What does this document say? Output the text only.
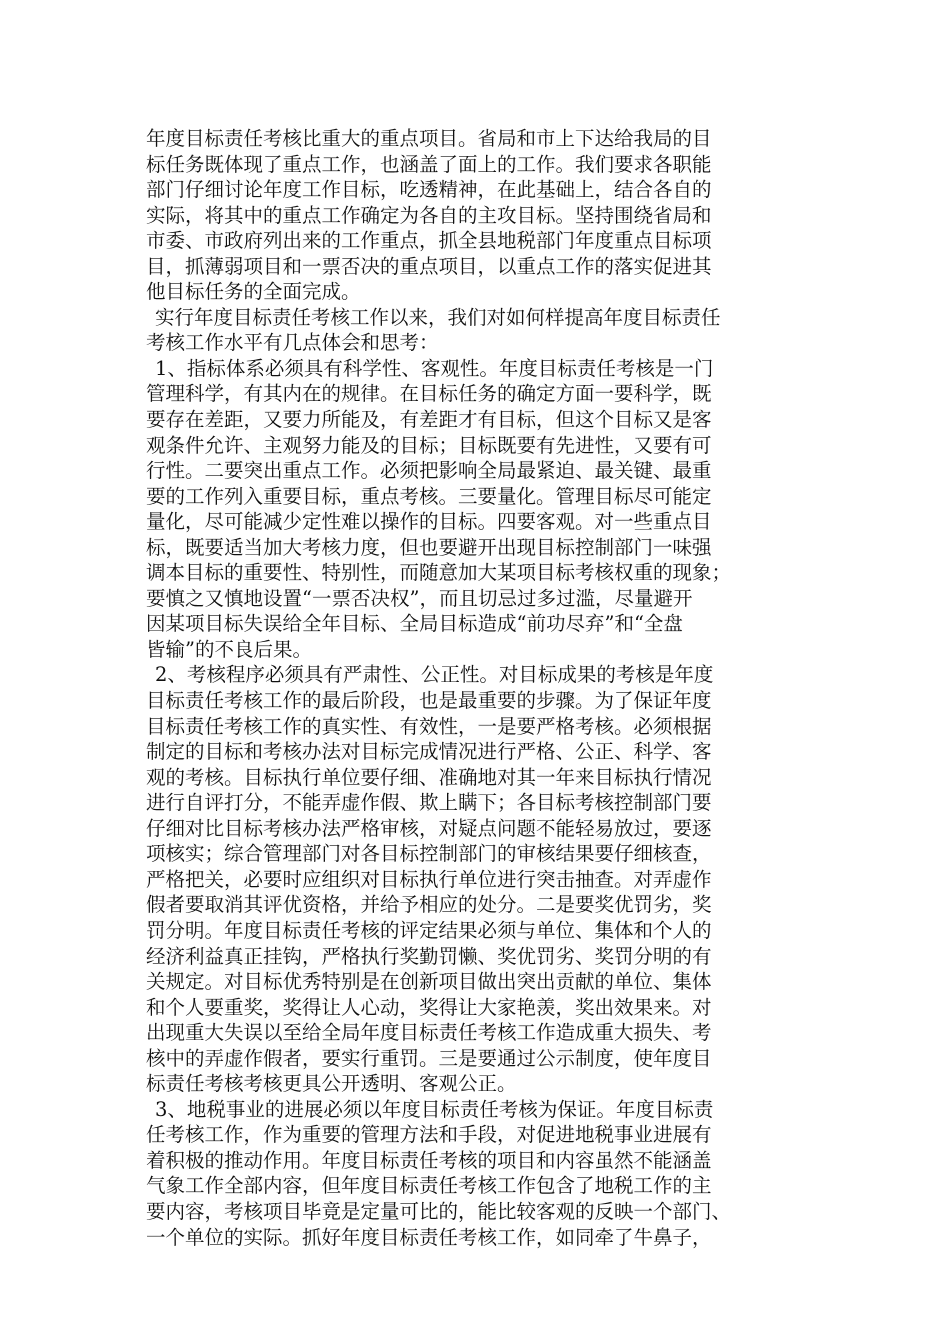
年度目标责任考核比重大的重点项目。省局和市上下达给我局的目
标任务既体现了重点工作，也涵盖了面上的工作。我们要求各职能
部门仔细讨论年度工作目标，吃透精神，在此基础上，结合各自的
实际，将其中的重点工作确定为各自的主攻目标。坚持围绕省局和
市委、市政府列出来的工作重点，抓全县地税部门年度重点目标项
目，抓薄弱项目和一票否决的重点项目，以重点工作的落实促进其
他目标任务的全面完成。
实行年度目标责任考核工作以来，我们对如何样提高年度目标责任
考核工作水平有几点体会和思考：
1、指标体系必须具有科学性、客观性。年度目标责任考核是一门
管理科学，有其内在的规律。在目标任务的确定方面一要科学，既
要存在差距，又要力所能及，有差距才有目标，但这个目标又是客
观条件允许、主观努力能及的目标；目标既要有先进性，又要有可
行性。二要突出重点工作。必须把影响全局最紧迫、最关键、最重
要的工作列入重要目标，重点考核。三要量化。管理目标尽可能定
量化，尽可能减少定性难以操作的目标。四要客观。对一些重点目
标，既要适当加大考核力度，但也要避开出现目标控制部门一味强
调本目标的重要性、特别性，而随意加大某项目标考核权重的现象；
要慎之又慎地设置“一票否决权”，而且切忌过多过滥，尽量避开
因某项目标失误给全年目标、全局目标造成“前功尽弃”和“全盘
皆输”的不良后果。
2、考核程序必须具有严肃性、公正性。对目标成果的考核是年度
目标责任考核工作的最后阶段，也是最重要的步骤。为了保证年度
目标责任考核工作的真实性、有效性，一是要严格考核。必须根据
制定的目标和考核办法对目标完成情况进行严格、公正、科学、客
观的考核。目标执行单位要仔细、准确地对其一年来目标执行情况
进行自评打分，不能弄虚作假、欺上瞒下；各目标考核控制部门要
仔细对比目标考核办法严格审核，对疑点问题不能轻易放过，要逐
项核实；综合管理部门对各目标控制部门的审核结果要仔细核查，
严格把关，必要时应组织对目标执行单位进行突击抽查。对弄虚作
假者要取消其评优资格，并给予相应的处分。二是要奖优罚劣，奖
罚分明。年度目标责任考核的评定结果必须与单位、集体和个人的
经济利益真正挂钩，严格执行奖勤罚懒、奖优罚劣、奖罚分明的有
关规定。对目标优秀特别是在创新项目做出突出贡献的单位、集体
和个人要重奖，奖得让人心动，奖得让大家艳羡，奖出效果来。对
出现重大失误以至给全局年度目标责任考核工作造成重大损失、考
核中的弄虚作假者，要实行重罚。三是要通过公示制度，使年度目
标责任考核考核更具公开透明、客观公正。
3、地税事业的进展必须以年度目标责任考核为保证。年度目标责
任考核工作，作为重要的管理方法和手段，对促进地税事业进展有
着积极的推动作用。年度目标责任考核的项目和内容虽然不能涵盖
气象工作全部内容，但年度目标责任考核工作包含了地税工作的主
要内容，考核项目毕竟是定量可比的，能比较客观的反映一个部门、
一个单位的实际。抓好年度目标责任考核工作，如同牵了牛鼻子，
